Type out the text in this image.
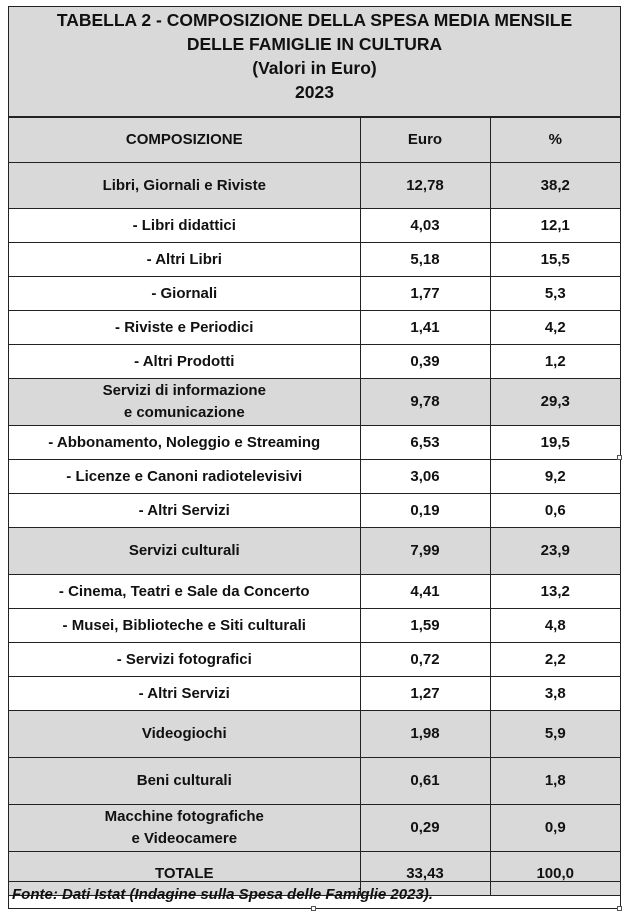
TABELLA 2 - COMPOSIZIONE DELLA SPESA MEDIA MENSILE
DELLE FAMIGLIE IN CULTURA
(Valori in Euro)
2023
COMPOSIZIONE	Euro	%
Libri, Giornali e Riviste	12,78	38,2
- Libri didattici	4,03	12,1
- Altri Libri	5,18	15,5
- Giornali	1,77	5,3
- Riviste e Periodici	1,41	4,2
- Altri Prodotti	0,39	1,2

Servizi di informazione
e comunicazione	9,78	29,3
- Abbonamento, Noleggio e Streaming	6,53	19,5
- Licenze e Canoni radiotelevisivi	3,06	9,2
- Altri Servizi	0,19	0,6
Servizi culturali	7,99	23,9
- Cinema, Teatri e Sale da Concerto	4,41	13,2
- Musei, Biblioteche e Siti culturali	1,59	4,8
- Servizi fotografici	0,72	2,2
- Altri Servizi	1,27	3,8
Videogiochi	1,98	5,9
Beni culturali	0,61	1,8

Macchine fotografiche
e Videocamere	0,29	0,9
TOTALE	33,43	100,0
Fonte: Dati Istat (Indagine sulla Spesa delle Famiglie 2023).
